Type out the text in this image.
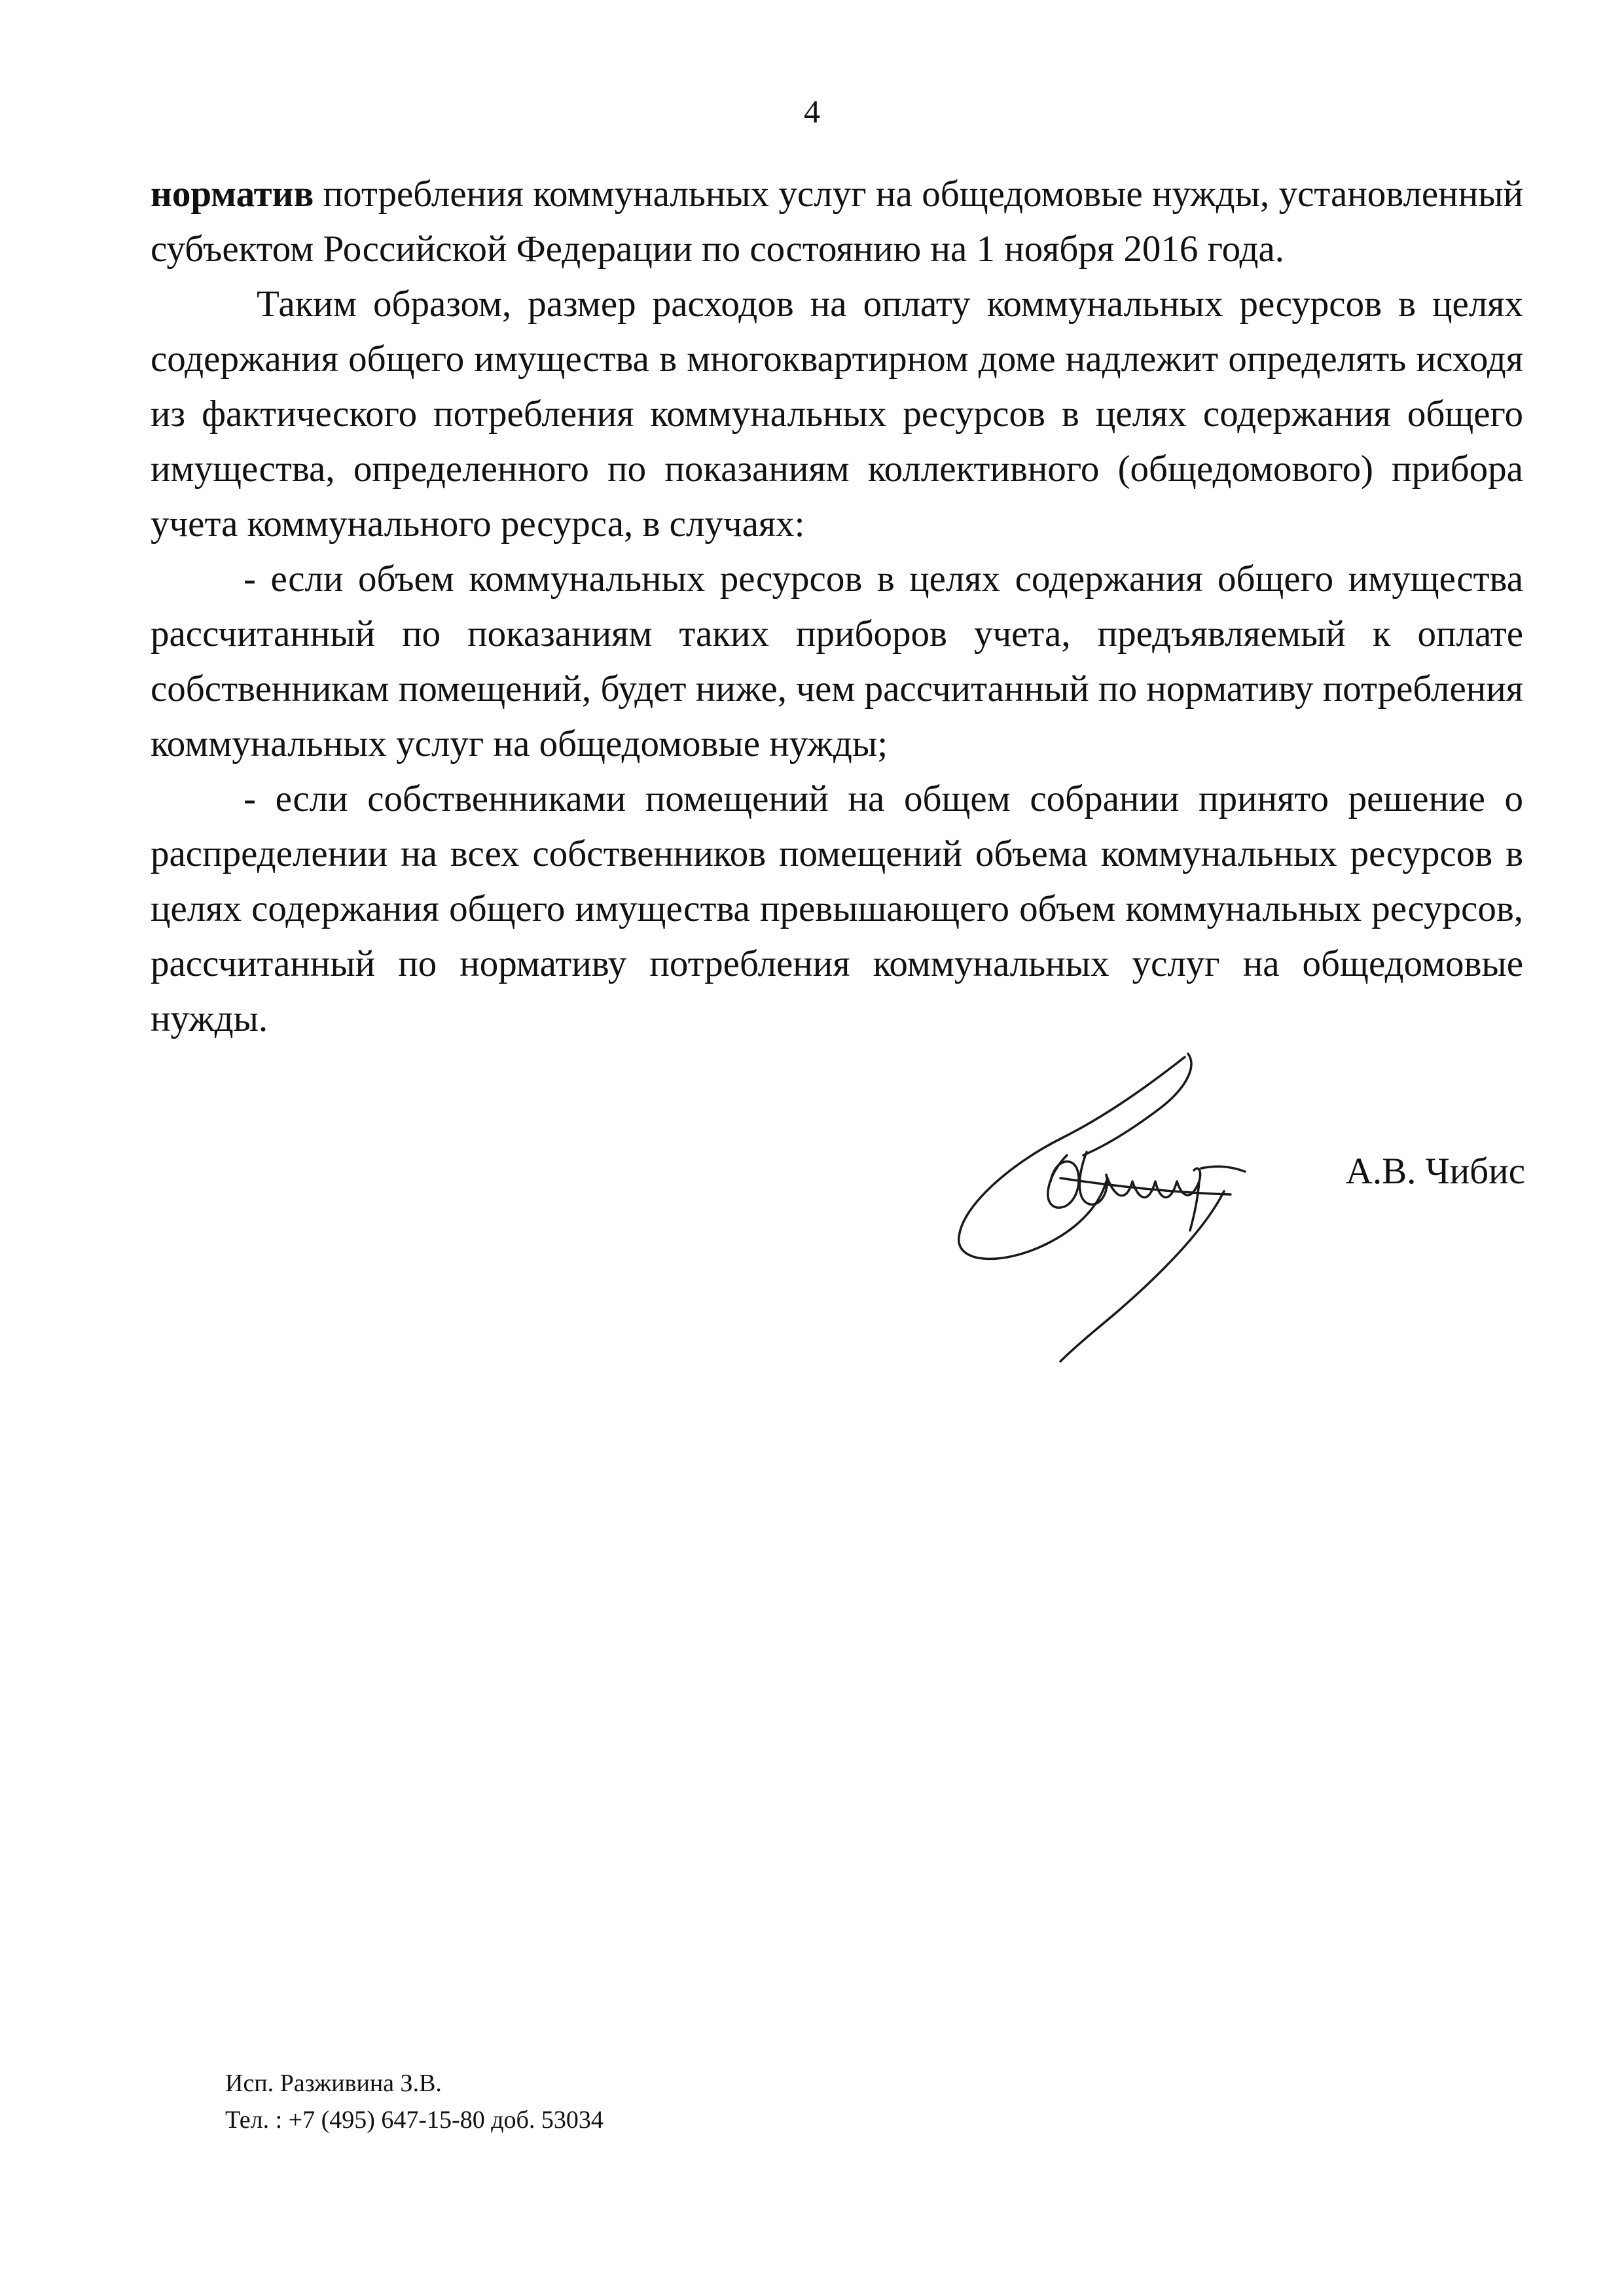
4

норматив потребления коммунальных услуг на общедомовые нужды, установленный субъектом Российской Федерации по состоянию на 1 ноября 2016 года.

Таким образом, размер расходов на оплату коммунальных ресурсов в целях содержания общего имущества в многоквартирном доме надлежит определять исходя из фактического потребления коммунальных ресурсов в целях содержания общего имущества, определенного по показаниям коллективного (общедомового) прибора учета коммунального ресурса, в случаях:

- если объем коммунальных ресурсов в целях содержания общего имущества рассчитанный по показаниям таких приборов учета, предъявляемый к оплате собственникам помещений, будет ниже, чем рассчитанный по нормативу потребления коммунальных услуг на общедомовые нужды;

- если собственниками помещений на общем собрании принято решение о распределении на всех собственников помещений объема коммунальных ресурсов в целях содержания общего имущества превышающего объем коммунальных ресурсов, рассчитанный по нормативу потребления коммунальных услуг на общедомовые нужды.

А.В. Чибис
Исп. Разживина З.В.
Тел. : +7 (495) 647-15-80 доб. 53034
